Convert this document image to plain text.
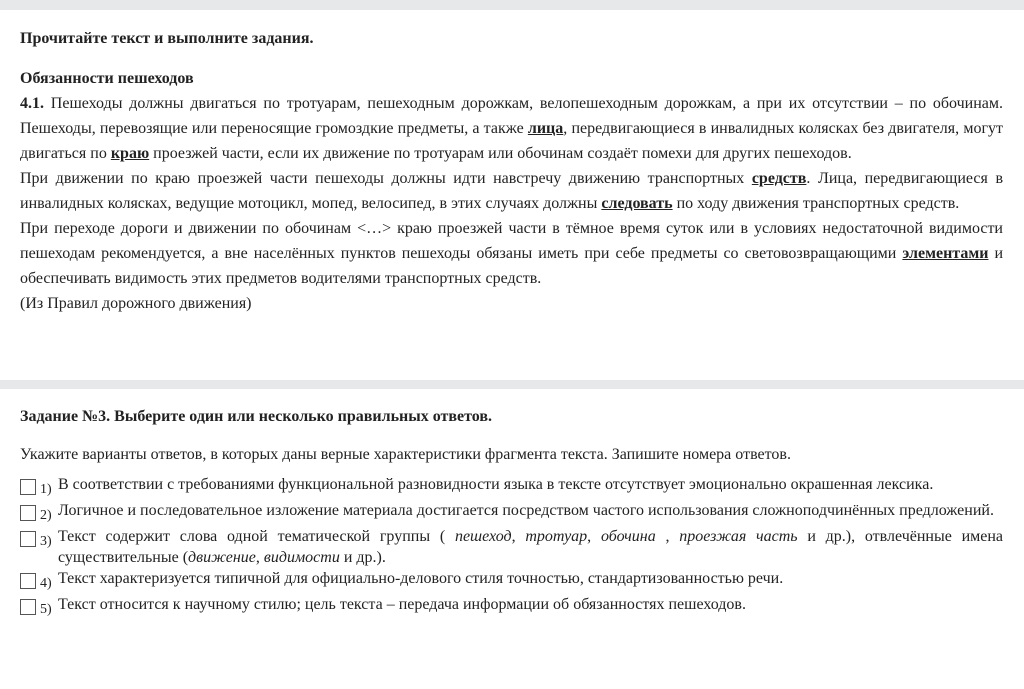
Прочитайте текст и выполните задания.

Обязанности пешеходов

4.1. Пешеходы должны двигаться по тротуарам, пешеходным дорожкам, велопешеходным дорожкам, а при их отсутствии – по обочинам. Пешеходы, перевозящие или переносящие громоздкие предметы, а также лица, передвигающиеся в инвалидных колясках без двигателя, могут двигаться по краю проезжей части, если их движение по тротуарам или обочинам создаёт помехи для других пешеходов.

При движении по краю проезжей части пешеходы должны идти навстречу движению транспортных средств. Лица, передвигающиеся в инвалидных колясках, ведущие мотоцикл, мопед, велосипед, в этих случаях должны следовать по ходу движения транспортных средств.

При переходе дороги и движении по обочинам <…> краю проезжей части в тёмное время суток или в условиях недостаточной видимости пешеходам рекомендуется, а вне населённых пунктов пешеходы обязаны иметь при себе предметы со световозвращающими элементами и обеспечивать видимость этих предметов водителями транспортных средств.

(Из Правил дорожного движения)

Задание №3. Выберите один или несколько правильных ответов.

Укажите варианты ответов, в которых даны верные характеристики фрагмента текста. Запишите номера ответов.

1) В соответствии с требованиями функциональной разновидности языка в тексте отсутствует эмоционально окрашенная лексика.
2) Логичное и последовательное изложение материала достигается посредством частого использования сложноподчинённых предложений.
3) Текст содержит слова одной тематической группы ( пешеход, тротуар, обочина , проезжая часть и др.), отвлечённые имена существительные (движение, видимости и др.).
4) Текст характеризуется типичной для официально-делового стиля точностью, стандартизованностью речи.
5) Текст относится к научному стилю; цель текста – передача информации об обязанностях пешеходов.
